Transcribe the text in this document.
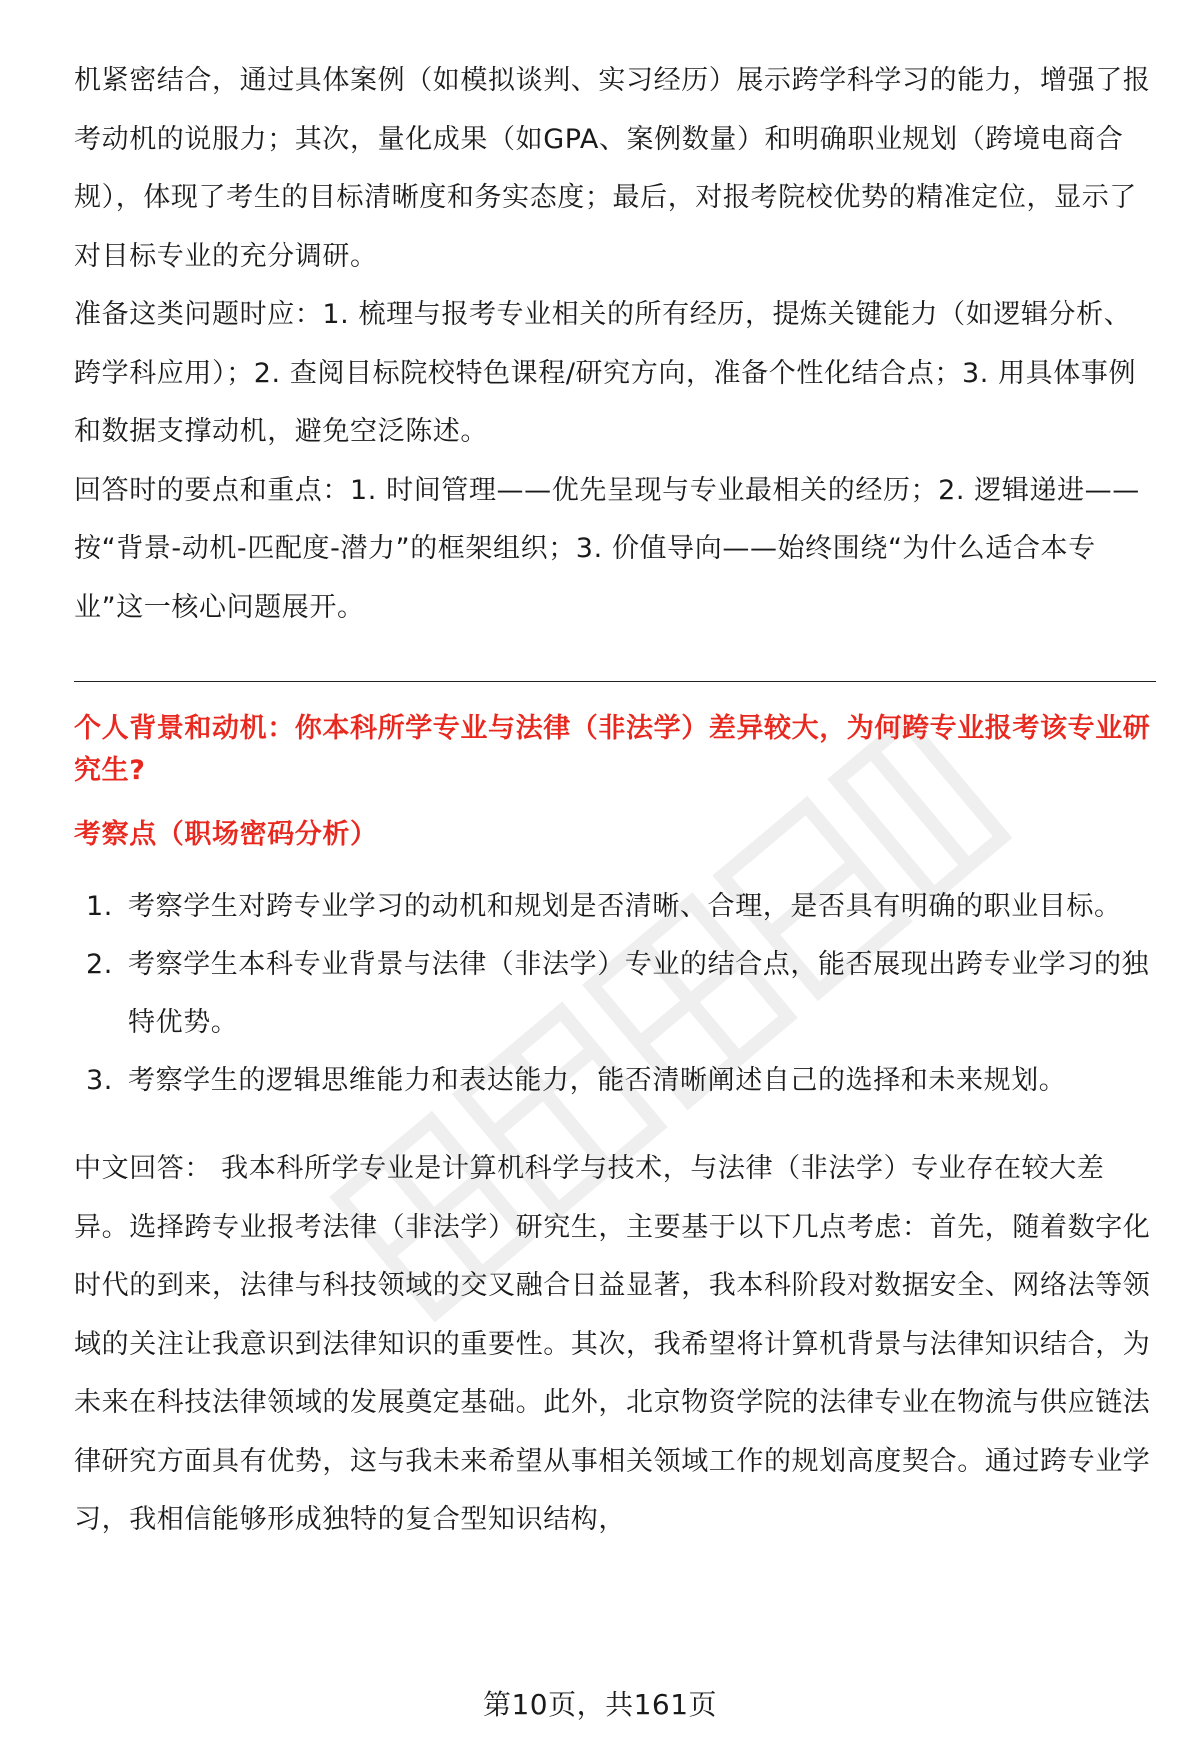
机紧密结合，通过具体案例（如模拟谈判、实习经历）展示跨学科学习的能力，增强了报考动机的说服力；其次，量化成果（如GPA、案例数量）和明确职业规划（跨境电商合规），体现了考生的目标清晰度和务实态度；最后，对报考院校优势的精准定位，显示了对目标专业的充分调研。

准备这类问题时应：1. 梳理与报考专业相关的所有经历，提炼关键能力（如逻辑分析、跨学科应用）；2. 查阅目标院校特色课程/研究方向，准备个性化结合点；3. 用具体事例和数据支撑动机，避免空泛陈述。

回答时的要点和重点：1. 时间管理——优先呈现与专业最相关的经历；2. 逻辑递进——按“背景-动机-匹配度-潜力”的框架组织；3. 价值导向——始终围绕“为什么适合本专业”这一核心问题展开。

个人背景和动机：你本科所学专业与法律（非法学）差异较大，为何跨专业报考该专业研究生?

考察点（职场密码分析）

1. 考察学生对跨专业学习的动机和规划是否清晰、合理，是否具有明确的职业目标。
2. 考察学生本科专业背景与法律（非法学）专业的结合点，能否展现出跨专业学习的独特优势。
3. 考察学生的逻辑思维能力和表达能力，能否清晰阐述自己的选择和未来规划。

中文回答： 我本科所学专业是计算机科学与技术，与法律（非法学）专业存在较大差异。选择跨专业报考法律（非法学）研究生，主要基于以下几点考虑：首先，随着数字化时代的到来，法律与科技领域的交叉融合日益显著，我本科阶段对数据安全、网络法等领域的关注让我意识到法律知识的重要性。其次，我希望将计算机背景与法律知识结合，为未来在科技法律领域的发展奠定基础。此外，北京物资学院的法律专业在物流与供应链法律研究方面具有优势，这与我未来希望从事相关领域工作的规划高度契合。通过跨专业学习，我相信能够形成独特的复合型知识结构，

第10页，共161页
